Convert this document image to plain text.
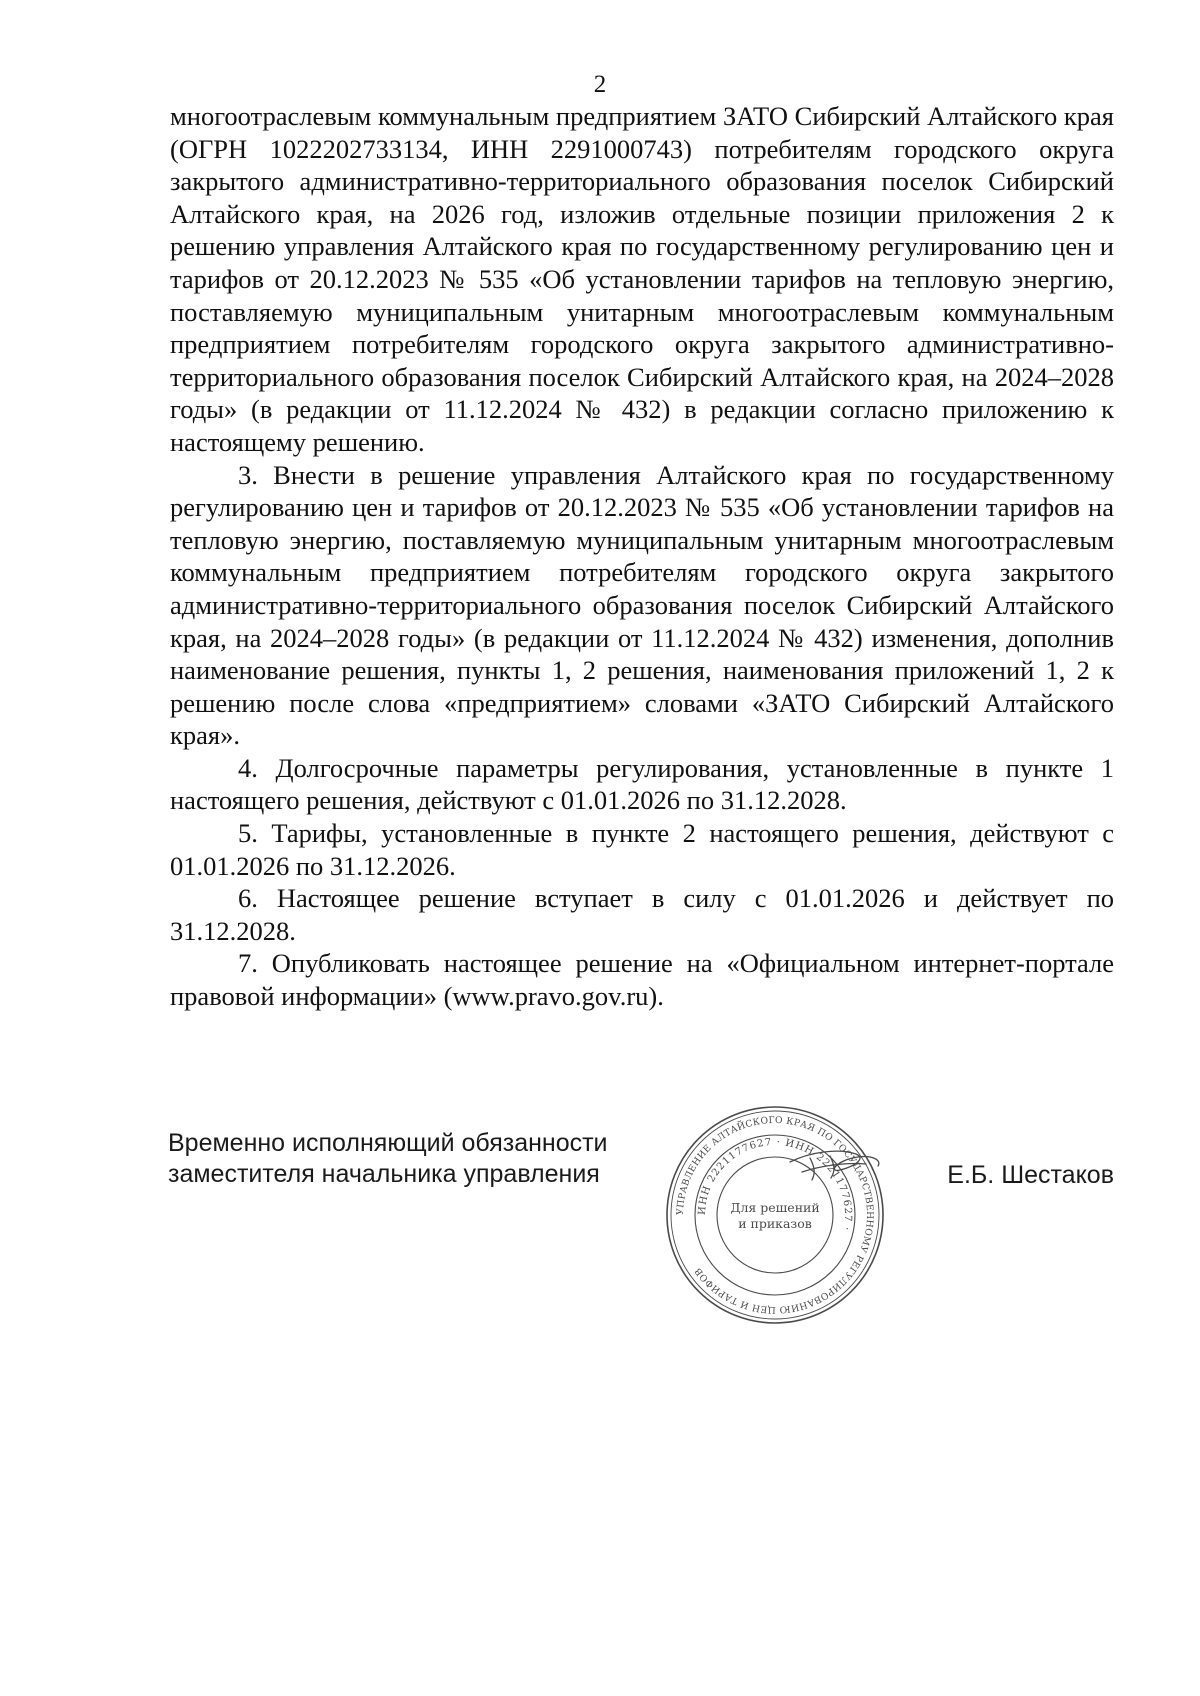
2

многоотраслевым коммунальным предприятием ЗАТО Сибирский Алтайского края (ОГРН 1022202733134, ИНН 2291000743) потребителям городского округа закрытого административно-территориального образования поселок Сибирский Алтайского края, на 2026 год, изложив отдельные позиции приложения 2 к решению управления Алтайского края по государственному регулированию цен и тарифов от 20.12.2023 № 535 «Об установлении тарифов на тепловую энергию, поставляемую муниципальным унитарным многоотраслевым коммунальным предприятием потребителям городского округа закрытого административно-территориального образования поселок Сибирский Алтайского края, на 2024–2028 годы» (в редакции от 11.12.2024 № 432) в редакции согласно приложению к настоящему решению.

3. Внести в решение управления Алтайского края по государственному регулированию цен и тарифов от 20.12.2023 № 535 «Об установлении тарифов на тепловую энергию, поставляемую муниципальным унитарным многоотраслевым коммунальным предприятием потребителям городского округа закрытого административно-территориального образования поселок Сибирский Алтайского края, на 2024–2028 годы» (в редакции от 11.12.2024 № 432) изменения, дополнив наименование решения, пункты 1, 2 решения, наименования приложений 1, 2 к решению после слова «предприятием» словами «ЗАТО Сибирский Алтайского края».

4. Долгосрочные параметры регулирования, установленные в пункте 1 настоящего решения, действуют с 01.01.2026 по 31.12.2028.

5. Тарифы, установленные в пункте 2 настоящего решения, действуют с 01.01.2026 по 31.12.2026.

6. Настоящее решение вступает в силу с 01.01.2026 и действует по 31.12.2028.

7. Опубликовать настоящее решение на «Официальном интернет-портале правовой информации» (www.pravo.gov.ru).

Временно исполняющий обязанности
заместителя начальника управления
УПРАВЛЕНИЕ АЛТАЙСКОГО КРАЯ ПО ГОСУДАРСТВЕННОМУ РЕГУЛИРОВАНИЮ ЦЕН И ТАРИФОВ
ИНН 2221177627 · ИНН 2221177627 ·
Для решений
и приказов
Е.Б. Шестаков
